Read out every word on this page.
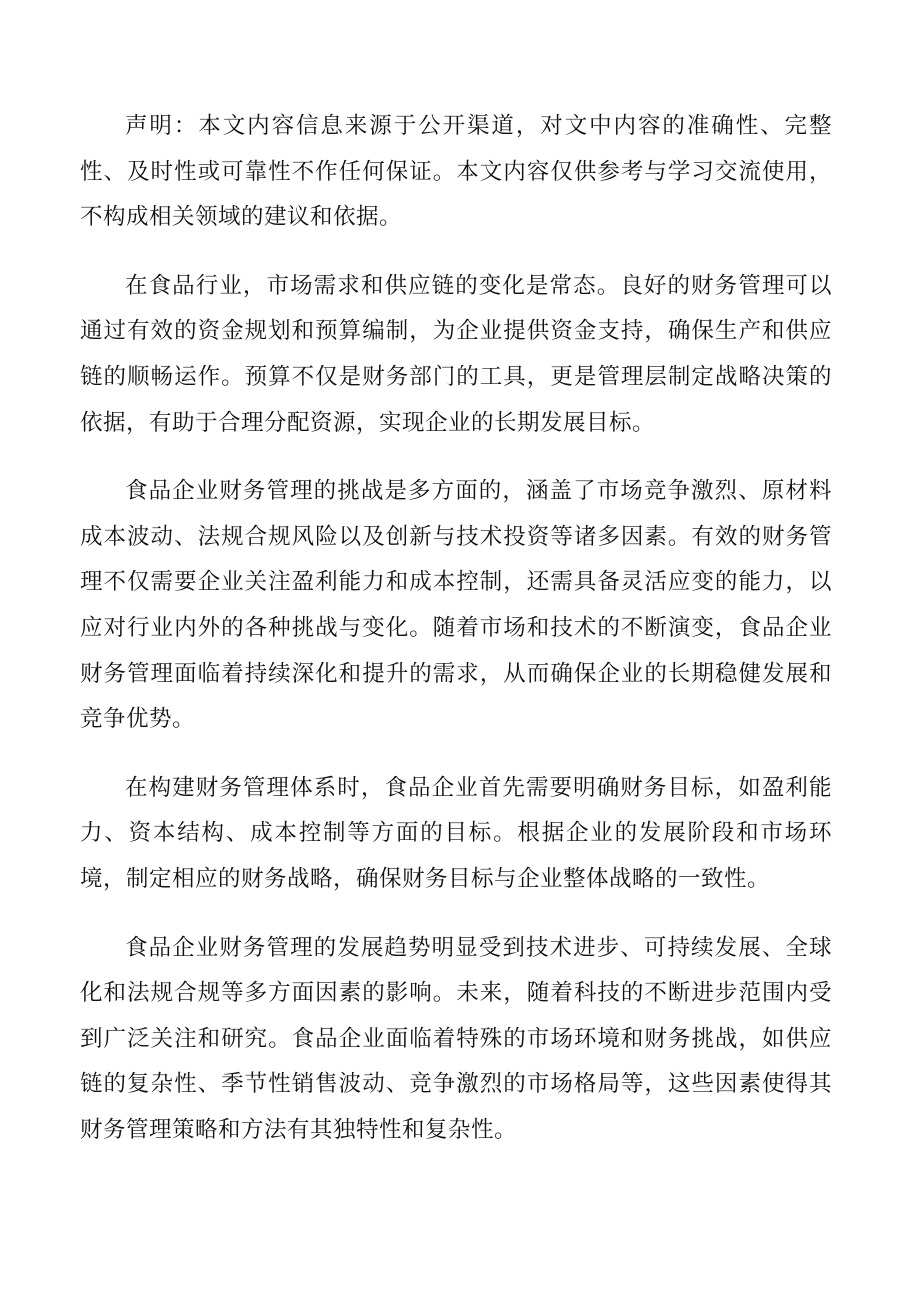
声明：本文内容信息来源于公开渠道，对文中内容的准确性、完整性、及时性或可靠性不作任何保证。本文内容仅供参考与学习交流使用，不构成相关领域的建议和依据。

在食品行业，市场需求和供应链的变化是常态。良好的财务管理可以通过有效的资金规划和预算编制，为企业提供资金支持，确保生产和供应链的顺畅运作。预算不仅是财务部门的工具，更是管理层制定战略决策的依据，有助于合理分配资源，实现企业的长期发展目标。

食品企业财务管理的挑战是多方面的，涵盖了市场竞争激烈、原材料成本波动、法规合规风险以及创新与技术投资等诸多因素。有效的财务管理不仅需要企业关注盈利能力和成本控制，还需具备灵活应变的能力，以应对行业内外的各种挑战与变化。随着市场和技术的不断演变，食品企业财务管理面临着持续深化和提升的需求，从而确保企业的长期稳健发展和竞争优势。

在构建财务管理体系时，食品企业首先需要明确财务目标，如盈利能力、资本结构、成本控制等方面的目标。根据企业的发展阶段和市场环境，制定相应的财务战略，确保财务目标与企业整体战略的一致性。

食品企业财务管理的发展趋势明显受到技术进步、可持续发展、全球化和法规合规等多方面因素的影响。未来，随着科技的不断进步范围内受到广泛关注和研究。食品企业面临着特殊的市场环境和财务挑战，如供应链的复杂性、季节性销售波动、竞争激烈的市场格局等，这些因素使得其财务管理策略和方法有其独特性和复杂性。
